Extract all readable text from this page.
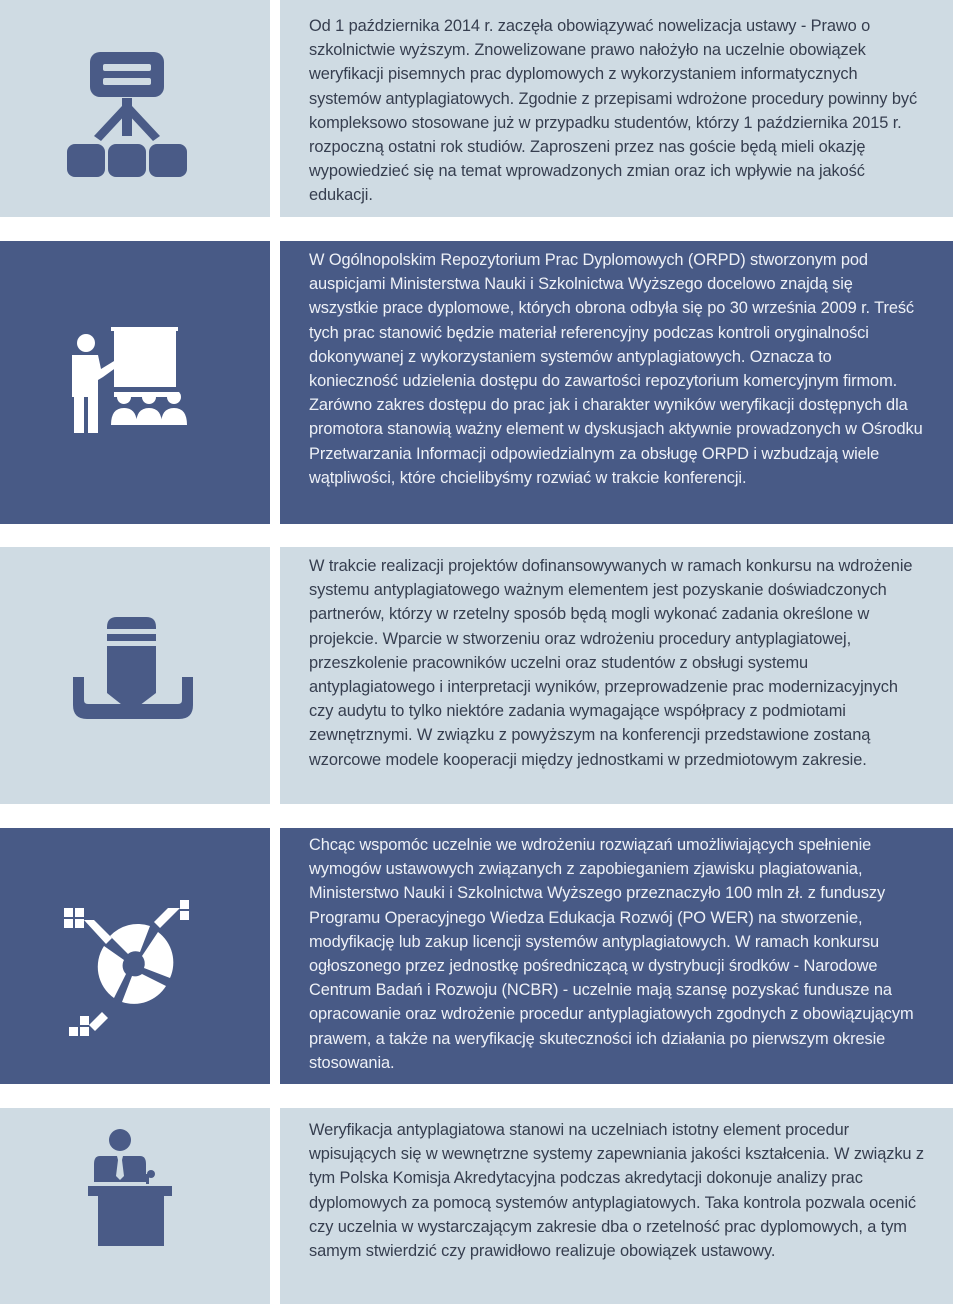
Od 1 października 2014 r. zaczęła obowiązywać nowelizacja ustawy - Prawo o szkolnictwie wyższym. Znowelizowane prawo nałożyło na uczelnie obowiązek weryfikacji pisemnych prac dyplomowych z wykorzystaniem informatycznych systemów antyplagiatowych. Zgodnie z przepisami wdrożone procedury powinny być kompleksowo stosowane już w przypadku studentów, którzy 1 października 2015 r. rozpoczną ostatni rok studiów. Zaproszeni przez nas goście będą mieli okazję wypowiedzieć się na temat wprowadzonych zmian oraz ich wpływie na jakość edukacji.

W Ogólnopolskim Repozytorium Prac Dyplomowych (ORPD) stworzonym pod auspicjami Ministerstwa Nauki i Szkolnictwa Wyższego docelowo znajdą się wszystkie prace dyplomowe, których obrona odbyła się po 30 września 2009 r. Treść tych prac stanowić będzie materiał referencyjny podczas kontroli oryginalności dokonywanej z wykorzystaniem systemów antyplagiatowych. Oznacza to konieczność udzielenia dostępu do zawartości repozytorium komercyjnym firmom. Zarówno zakres dostępu do prac jak i charakter wyników weryfikacji dostępnych dla promotora stanowią ważny element w dyskusjach aktywnie prowadzonych w Ośrodku Przetwarzania Informacji odpowiedzialnym za obsługę ORPD i wzbudzają wiele wątpliwości, które chcielibyśmy rozwiać w trakcie konferencji.

W trakcie realizacji projektów dofinansowywanych w ramach konkursu na wdrożenie systemu antyplagiatowego ważnym elementem jest pozyskanie doświadczonych partnerów, którzy w rzetelny sposób będą mogli wykonać zadania określone w projekcie. Wparcie w stworzeniu oraz wdrożeniu procedury antyplagiatowej, przeszkolenie pracowników uczelni oraz studentów z obsługi systemu antyplagiatowego i interpretacji wyników, przeprowadzenie prac modernizacyjnych czy audytu to tylko niektóre zadania wymagające współpracy z podmiotami zewnętrznymi. W związku z powyższym na konferencji przedstawione zostaną wzorcowe modele kooperacji między jednostkami w przedmiotowym zakresie.

Chcąc wspomóc uczelnie we wdrożeniu rozwiązań umożliwiających spełnienie wymogów ustawowych związanych z zapobieganiem zjawisku plagiatowania, Ministerstwo Nauki i Szkolnictwa Wyższego przeznaczyło 100 mln zł. z funduszy Programu Operacyjnego Wiedza Edukacja Rozwój (PO WER) na stworzenie, modyfikację lub zakup licencji systemów antyplagiatowych. W ramach konkursu ogłoszonego przez jednostkę pośredniczącą w dystrybucji środków - Narodowe Centrum Badań i Rozwoju (NCBR) - uczelnie mają szansę pozyskać fundusze na opracowanie oraz wdrożenie procedur antyplagiatowych zgodnych z obowiązującym prawem, a także na weryfikację skuteczności ich działania po pierwszym okresie stosowania.

Weryfikacja antyplagiatowa stanowi na uczelniach istotny element procedur wpisujących się w wewnętrzne systemy zapewniania jakości kształcenia. W związku z tym Polska Komisja Akredytacyjna podczas akredytacji dokonuje analizy prac dyplomowych za pomocą systemów antyplagiatowych. Taka kontrola pozwala ocenić czy uczelnia w wystarczającym zakresie dba o rzetelność prac dyplomowych, a tym samym stwierdzić czy prawidłowo realizuje obowiązek ustawowy.
